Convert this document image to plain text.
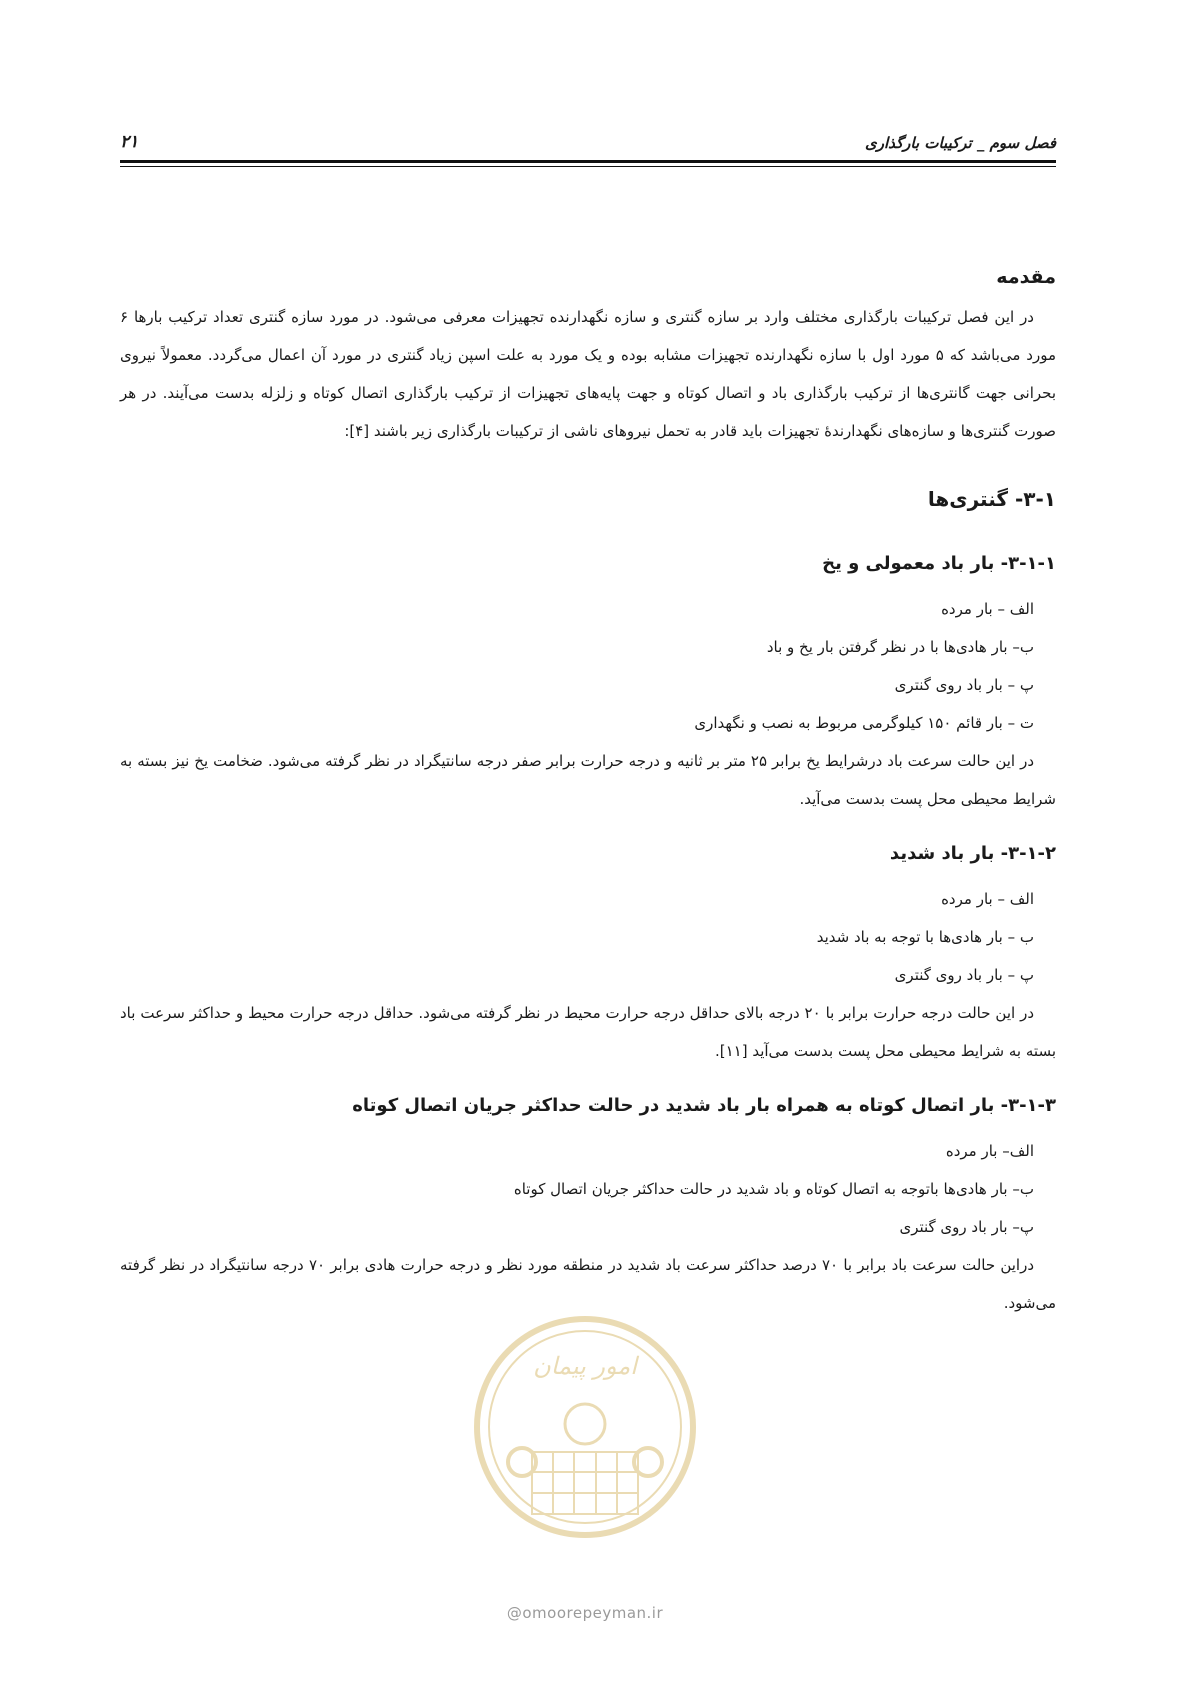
فصل سوم _ ترکیبات بارگذاری
۲۱
مقدمه

در این فصل ترکیبات بارگذاری مختلف وارد بر سازه گنتری و سازه نگهدارنده تجهیزات معرفی می‌شود. در مورد سازه گنتری تعداد ترکیب بارها ۶ مورد می‌باشد که ۵ مورد اول با سازه نگهدارنده تجهیزات مشابه بوده و یک مورد به علت اسپن زیاد گنتری در مورد آن اعمال می‌گردد. معمولاً نیروی بحرانی جهت گانتری‌ها از ترکیب بارگذاری باد و اتصال کوتاه و جهت پایه‌های تجهیزات از ترکیب بارگذاری اتصال کوتاه و زلزله بدست می‌آیند. در هر صورت گنتری‌ها و سازه‌های نگهدارندهٔ تجهیزات باید قادر به تحمل نیروهای ناشی از ترکیبات بارگذاری زیر باشند [۴]:

۳-۱- گنتری‌ها
۳-۱-۱- بار باد معمولی و یخ

الف – بار مرده

ب– بار هادی‌ها با در نظر گرفتن بار یخ و باد

پ – بار باد روی گنتری

ت – بار قائم ۱۵۰ کیلوگرمی مربوط به نصب و نگهداری

در این حالت سرعت باد درشرایط یخ برابر ۲۵ متر بر ثانیه و درجه حرارت برابر صفر درجه سانتیگراد در نظر گرفته می‌شود. ضخامت یخ نیز بسته به شرایط محیطی محل پست بدست می‌آید.

۳-۱-۲- بار باد شدید

الف – بار مرده

ب – بار هادی‌ها با توجه به باد شدید

پ – بار باد روی گنتری

در این حالت درجه حرارت برابر با ۲۰ درجه بالای حداقل درجه حرارت محیط در نظر گرفته می‌شود. حداقل درجه حرارت محیط و حداکثر سرعت باد بسته به شرایط محیطی محل پست بدست می‌آید [۱۱].

۳-۱-۳- بار اتصال کوتاه به همراه بار باد شدید در حالت حداکثر جریان اتصال کوتاه

الف– بار مرده

ب– بار هادی‌ها باتوجه به اتصال کوتاه و باد شدید در حالت حداکثر جریان اتصال کوتاه

پ– بار باد روی گنتری

دراین حالت سرعت باد برابر با ۷۰ درصد حداکثر سرعت باد شدید در منطقه مورد نظر و درجه حرارت هادی برابر ۷۰ درجه سانتیگراد در نظر گرفته می‌شود.

امور پیمان
@omoorepeyman.ir
